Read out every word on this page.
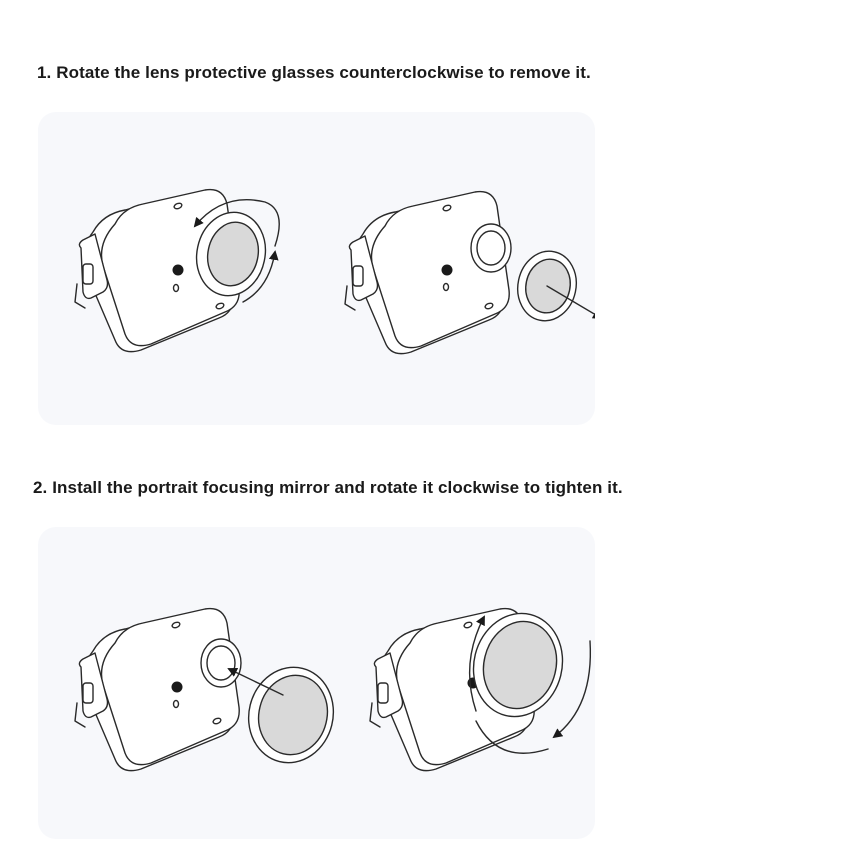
1. Rotate the lens protective glasses counterclockwise to remove it.
2. Install the portrait focusing mirror and rotate it clockwise to tighten it.
